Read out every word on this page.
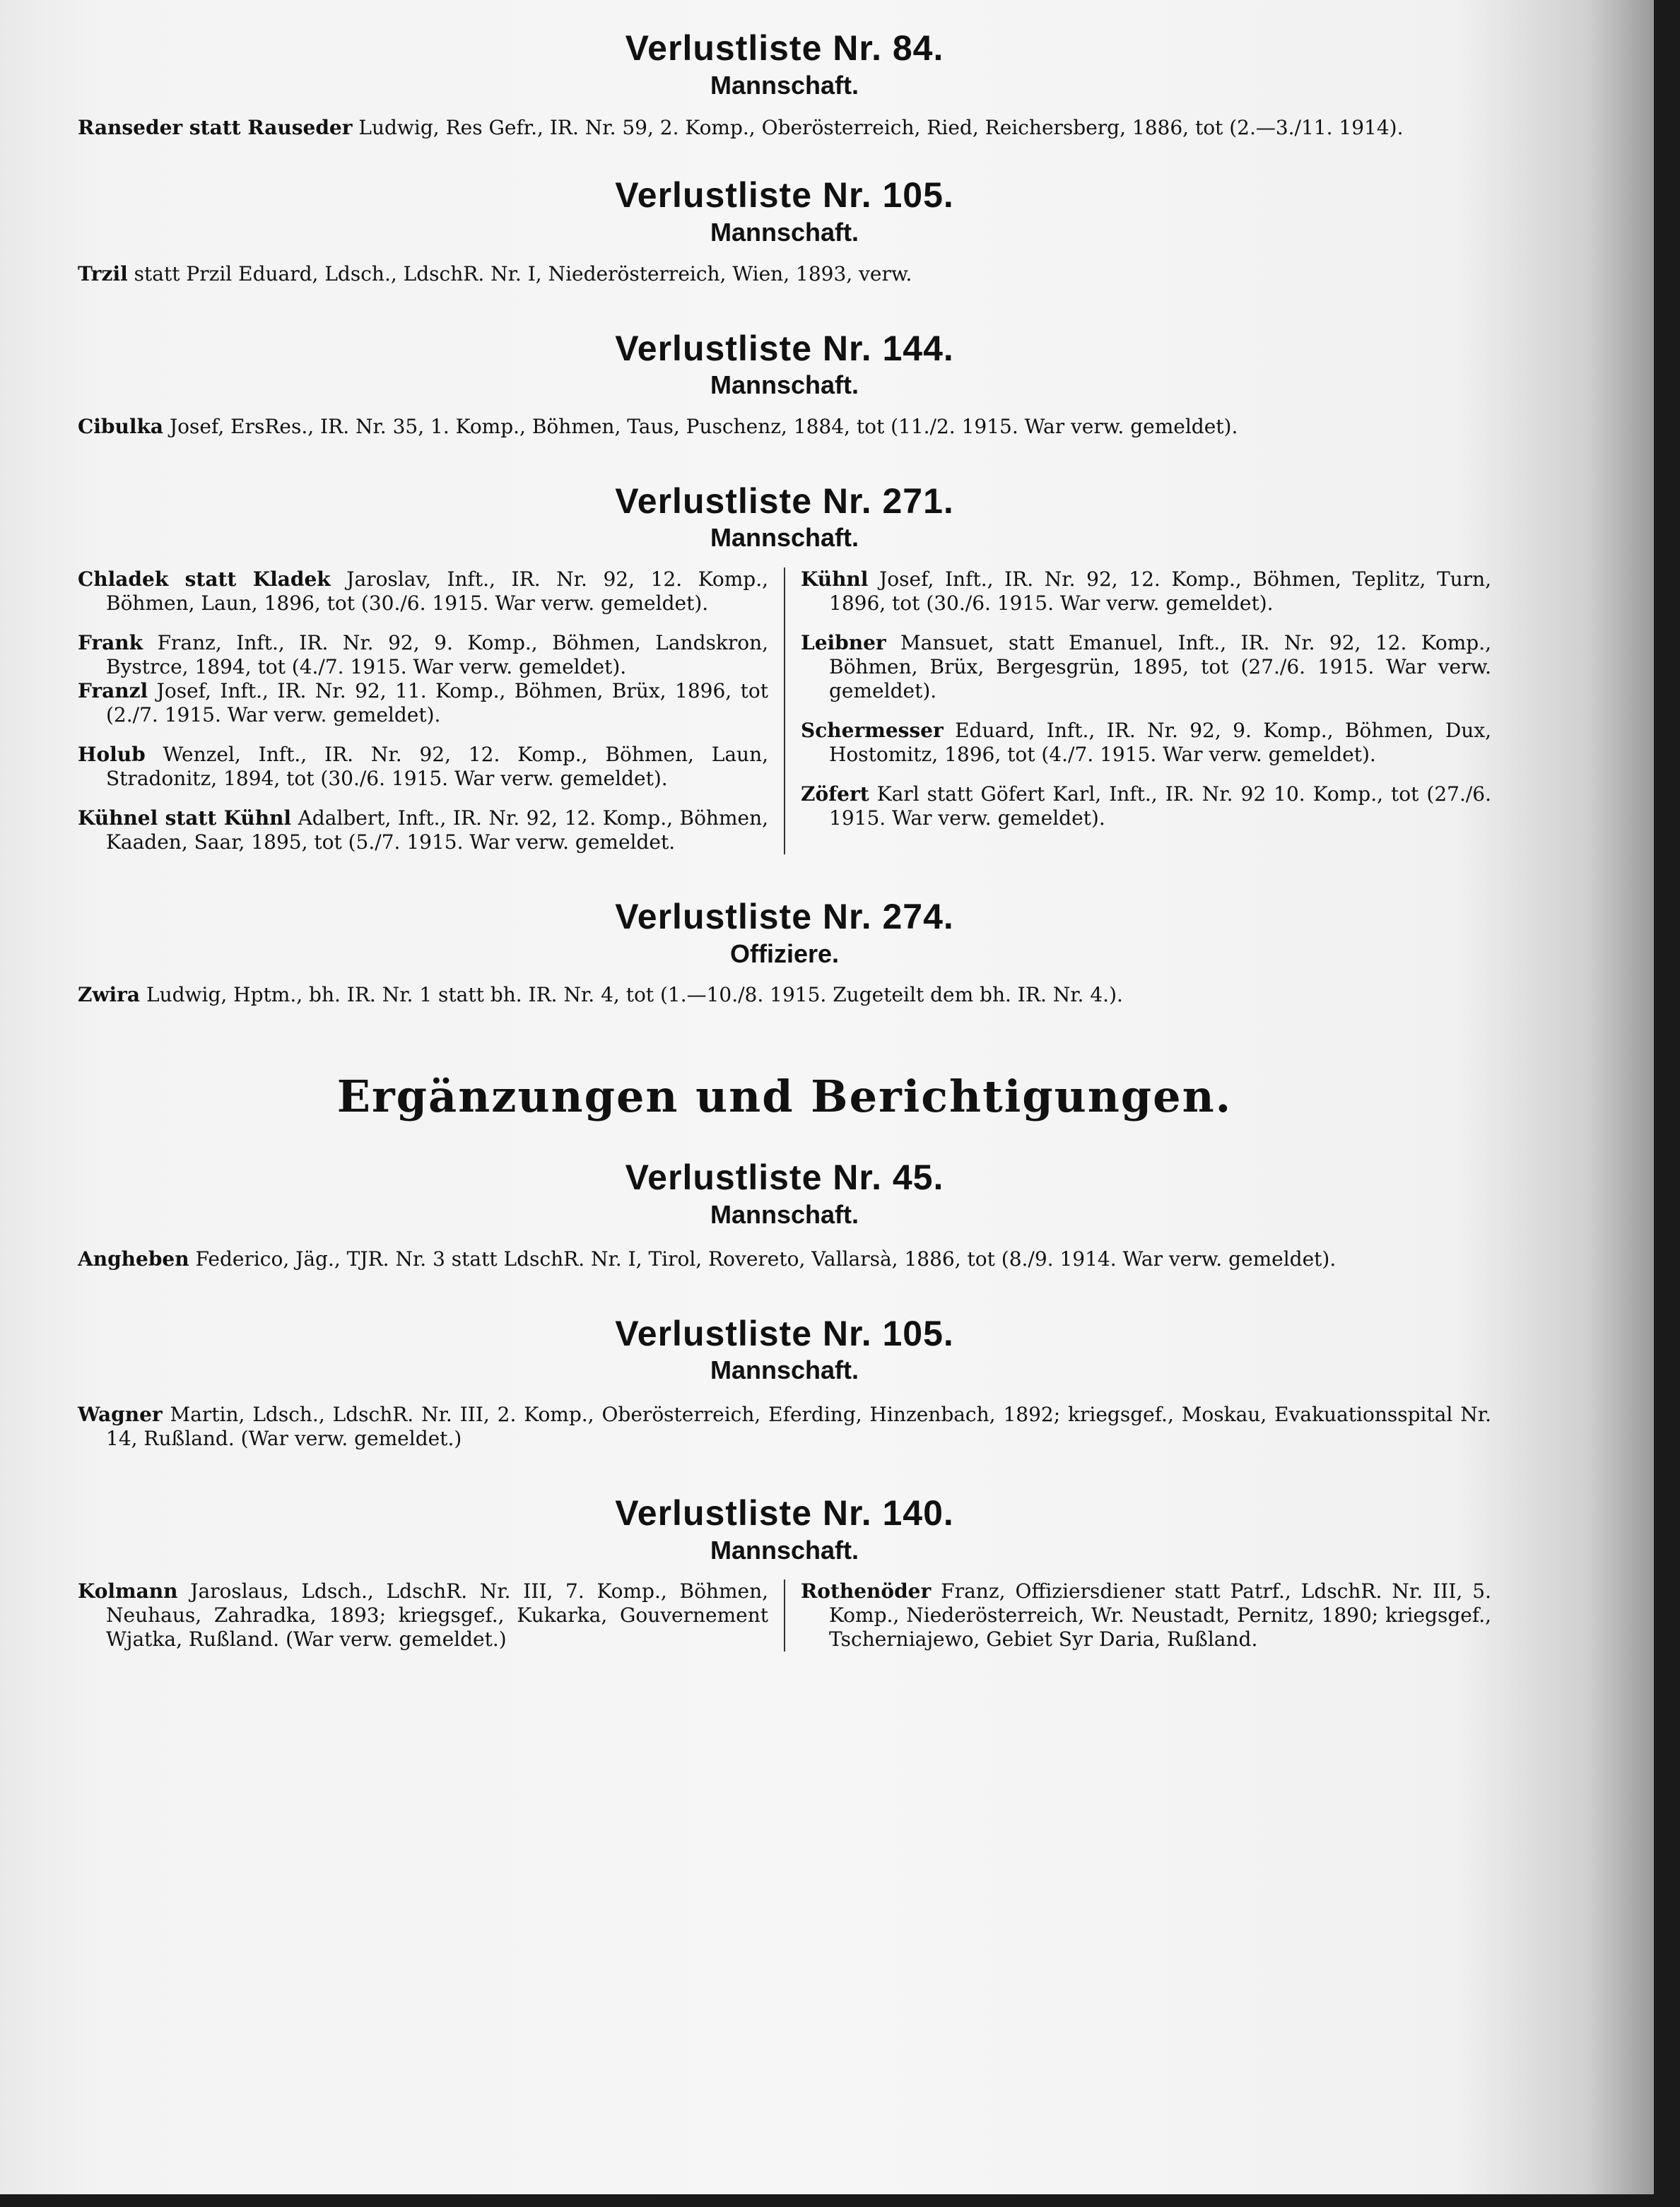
Verlustliste Nr. 84.
Mannschaft.

Ranseder statt Rauseder Ludwig, Res Gefr., IR. Nr. 59, 2. Komp., Oberösterreich, Ried, Reichersberg, 1886, tot (2.—3./11. 1914).

Verlustliste Nr. 105.
Mannschaft.

Trzil statt Przil Eduard, Ldsch., LdschR. Nr. I, Niederösterreich, Wien, 1893, verw.

Verlustliste Nr. 144.
Mannschaft.

Cibulka Josef, ErsRes., IR. Nr. 35, 1. Komp., Böhmen, Taus, Puschenz, 1884, tot (11./2. 1915. War verw. gemeldet).

Verlustliste Nr. 271.
Mannschaft.

Chladek statt Kladek Jaroslav, Inft., IR. Nr. 92, 12. Komp., Böhmen, Laun, 1896, tot (30./6. 1915. War verw. gemeldet).

Frank Franz, Inft., IR. Nr. 92, 9. Komp., Böhmen, Landskron, Bystrce, 1894, tot (4./7. 1915. War verw. gemeldet).

Franzl Josef, Inft., IR. Nr. 92, 11. Komp., Böhmen, Brüx, 1896, tot (2./7. 1915. War verw. gemeldet).

Holub Wenzel, Inft., IR. Nr. 92, 12. Komp., Böhmen, Laun, Stradonitz, 1894, tot (30./6. 1915. War verw. gemeldet).

Kühnel statt Kühnl Adalbert, Inft., IR. Nr. 92, 12. Komp., Böhmen, Kaaden, Saar, 1895, tot (5./7. 1915. War verw. gemeldet.

Kühnl Josef, Inft., IR. Nr. 92, 12. Komp., Böhmen, Teplitz, Turn, 1896, tot (30./6. 1915. War verw. gemeldet).

Leibner Mansuet, statt Emanuel, Inft., IR. Nr. 92, 12. Komp., Böhmen, Brüx, Bergesgrün, 1895, tot (27./6. 1915. War verw. gemeldet).

Schermesser Eduard, Inft., IR. Nr. 92, 9. Komp., Böhmen, Dux, Hostomitz, 1896, tot (4./7. 1915. War verw. gemeldet).

Zöfert Karl statt Göfert Karl, Inft., IR. Nr. 92 10. Komp., tot (27./6. 1915. War verw. gemeldet).

Verlustliste Nr. 274.
Offiziere.

Zwira Ludwig, Hptm., bh. IR. Nr. 1 statt bh. IR. Nr. 4, tot (1.—10./8. 1915. Zugeteilt dem bh. IR. Nr. 4.).

Ergänzungen und Berichtigungen.
Verlustliste Nr. 45.
Mannschaft.

Angheben Federico, Jäg., TJR. Nr. 3 statt LdschR. Nr. I, Tirol, Rovereto, Vallarsà, 1886, tot (8./9. 1914. War verw. gemeldet).

Verlustliste Nr. 105.
Mannschaft.

Wagner Martin, Ldsch., LdschR. Nr. III, 2. Komp., Oberösterreich, Eferding, Hinzenbach, 1892; kriegsgef., Moskau, Evakuationsspital Nr. 14, Rußland. (War verw. gemeldet.)

Verlustliste Nr. 140.
Mannschaft.

Kolmann Jaroslaus, Ldsch., LdschR. Nr. III, 7. Komp., Böhmen, Neuhaus, Zahradka, 1893; kriegsgef., Kukarka, Gouvernement Wjatka, Rußland. (War verw. gemeldet.)

Rothenöder Franz, Offiziersdiener statt Patrf., LdschR. Nr. III, 5. Komp., Niederösterreich, Wr. Neustadt, Pernitz, 1890; kriegsgef., Tscherniajewo, Gebiet Syr Daria, Rußland.
